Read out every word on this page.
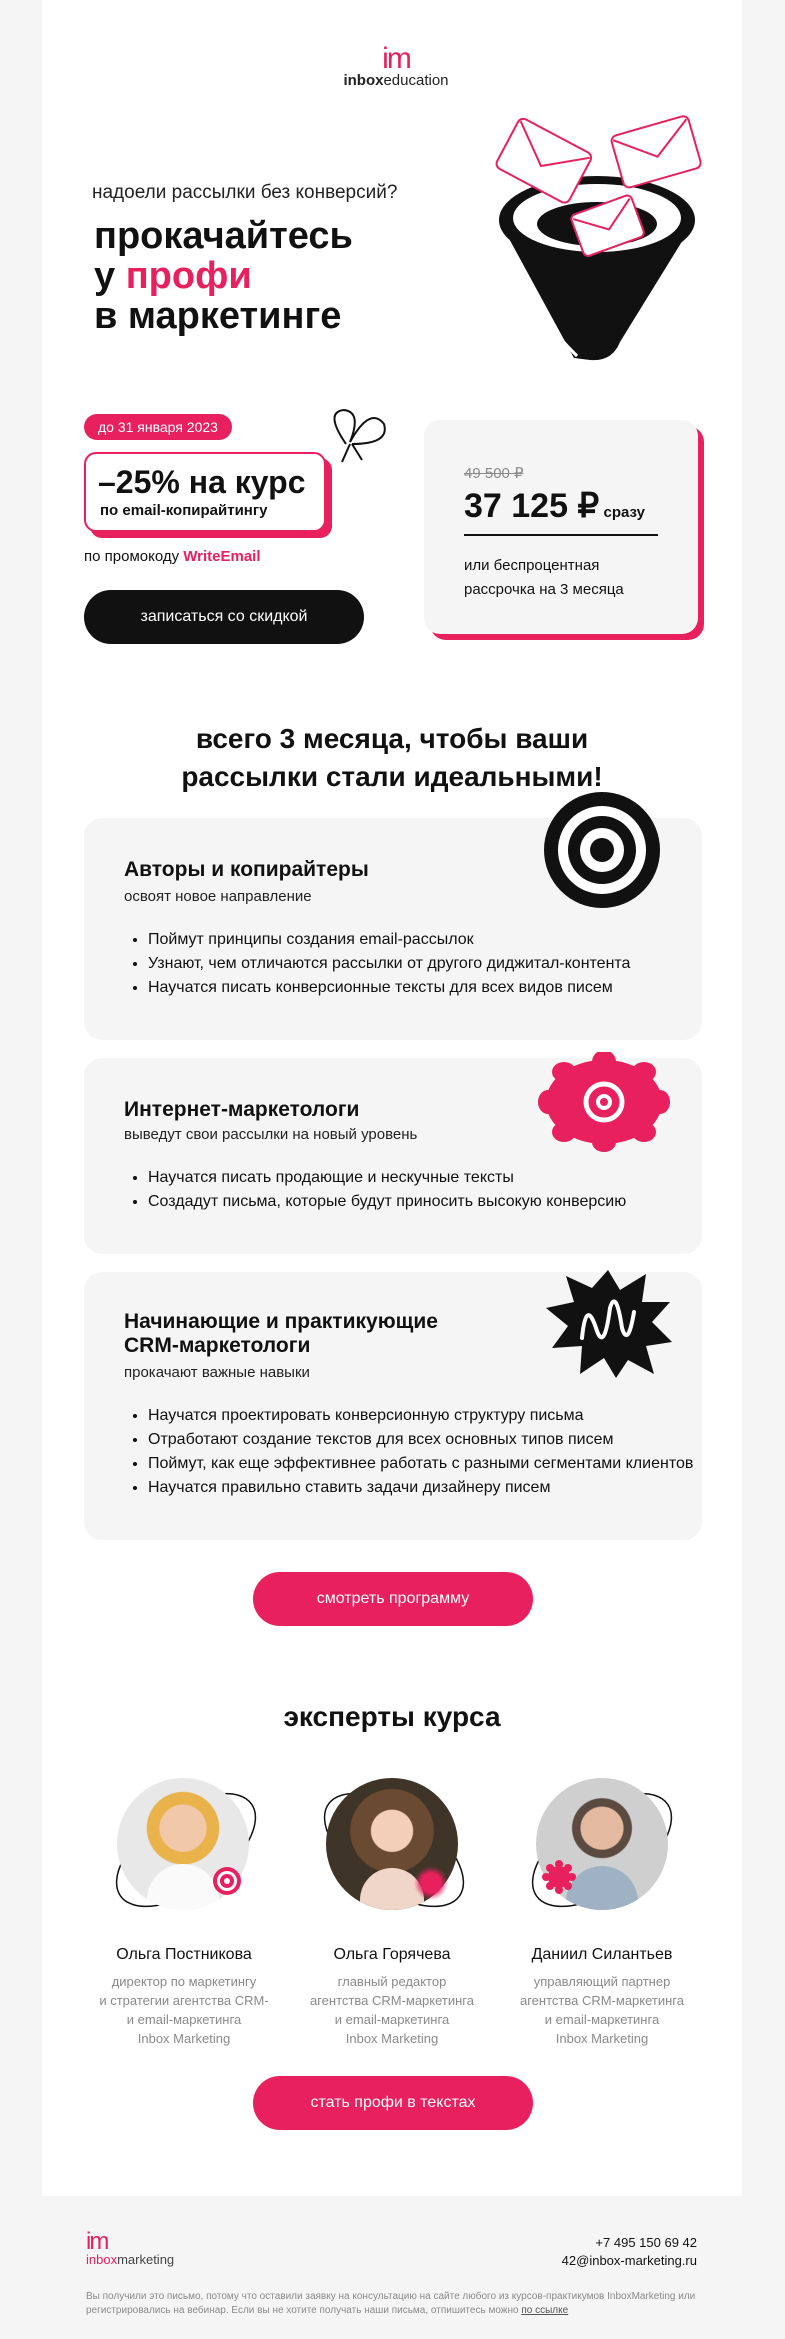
im
inboxeducation
надоели рассылки без конверсий?
прокачайтесь
у профи
в маркетинге
до 31 января 2023
–25% на курс
по email-копирайтингу
по промокоду WriteEmail
записаться со скидкой
49 500 ₽
37 125 ₽ сразу
или беспроцентная
рассрочка на 3 месяца
всего 3 месяца, чтобы ваши
рассылки стали идеальными!
Авторы и копирайтеры
освоят новое направление
• Поймут принципы создания email-рассылок
• Узнают, чем отличаются рассылки от другого диджитал-контента
• Научатся писать конверсионные тексты для всех видов писем
Интернет-маркетологи
выведут свои рассылки на новый уровень
• Научатся писать продающие и нескучные тексты
• Создадут письма, которые будут приносить высокую конверсию
Начинающие и практикующие
CRM-маркетологи
прокачают важные навыки
• Научатся проектировать конверсионную структуру письма
• Отработают создание текстов для всех основных типов писем
• Поймут, как еще эффективнее работать с разными сегментами клиентов
• Научатся правильно ставить задачи дизайнеру писем
смотреть программу
эксперты курса
Ольга Постникова
директор по маркетингу
и стратегии агентства CRM-
и email-маркетинга
Inbox Marketing
Ольга Горячева
главный редактор
агентства CRM-маркетинга
и email-маркетинга
Inbox Marketing
Даниил Силантьев
управляющий партнер
агентства CRM-маркетинга
и email-маркетинга
Inbox Marketing
стать профи в текстах
im
inboxmarketing
+7 495 150 69 42
42@inbox-marketing.ru
Вы получили это письмо, потому что оставили заявку на консультацию на сайте любого из курсов-практикумов InboxMarketing или
регистрировались на вебинар. Если вы не хотите получать наши письма, отпишитесь можно по ссылке
